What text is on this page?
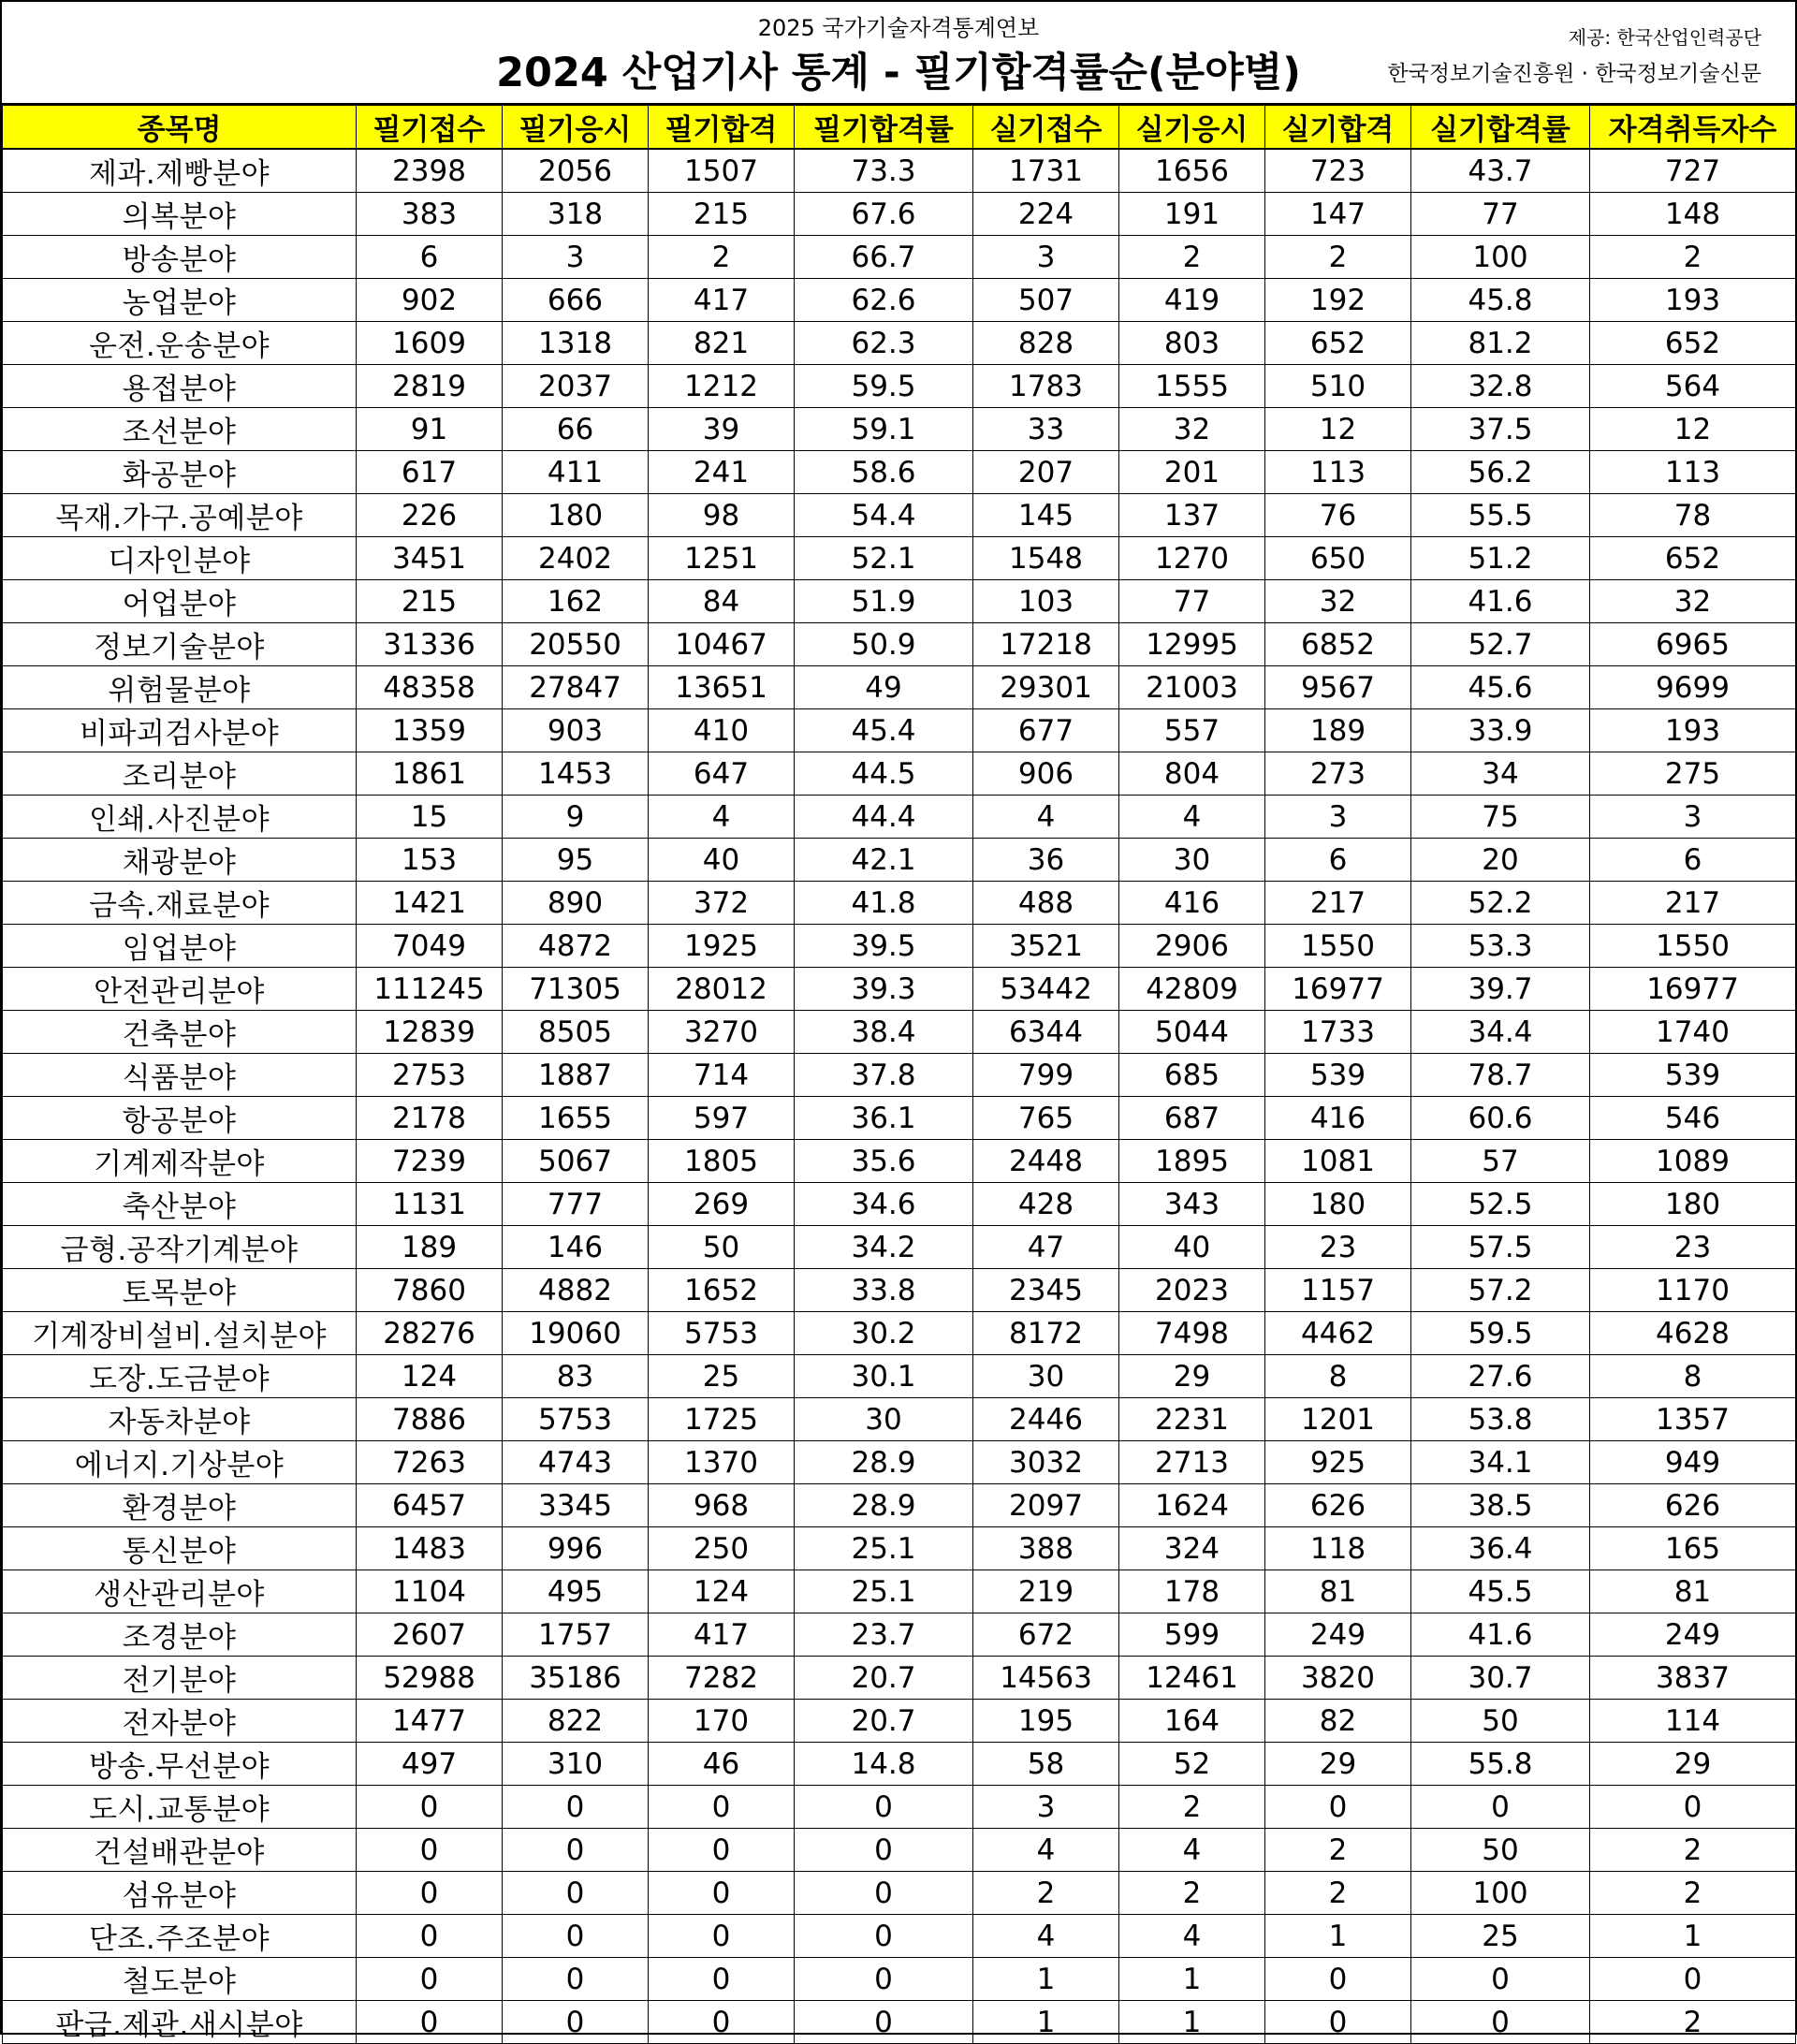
2025 국가기술자격통계연보
2024 산업기사 통계 - 필기합격률순(분야별)
제공: 한국산업인력공단
한국정보기술진흥원 · 한국정보기술신문
종목명	필기접수	필기응시	필기합격	필기합격률	실기접수	실기응시	실기합격	실기합격률	자격취득자수
제과.제빵분야	2398	2056	1507	73.3	1731	1656	723	43.7	727
의복분야	383	318	215	67.6	224	191	147	77	148
방송분야	6	3	2	66.7	3	2	2	100	2
농업분야	902	666	417	62.6	507	419	192	45.8	193
운전.운송분야	1609	1318	821	62.3	828	803	652	81.2	652
용접분야	2819	2037	1212	59.5	1783	1555	510	32.8	564
조선분야	91	66	39	59.1	33	32	12	37.5	12
화공분야	617	411	241	58.6	207	201	113	56.2	113
목재.가구.공예분야	226	180	98	54.4	145	137	76	55.5	78
디자인분야	3451	2402	1251	52.1	1548	1270	650	51.2	652
어업분야	215	162	84	51.9	103	77	32	41.6	32
정보기술분야	31336	20550	10467	50.9	17218	12995	6852	52.7	6965
위험물분야	48358	27847	13651	49	29301	21003	9567	45.6	9699
비파괴검사분야	1359	903	410	45.4	677	557	189	33.9	193
조리분야	1861	1453	647	44.5	906	804	273	34	275
인쇄.사진분야	15	9	4	44.4	4	4	3	75	3
채광분야	153	95	40	42.1	36	30	6	20	6
금속.재료분야	1421	890	372	41.8	488	416	217	52.2	217
임업분야	7049	4872	1925	39.5	3521	2906	1550	53.3	1550
안전관리분야	111245	71305	28012	39.3	53442	42809	16977	39.7	16977
건축분야	12839	8505	3270	38.4	6344	5044	1733	34.4	1740
식품분야	2753	1887	714	37.8	799	685	539	78.7	539
항공분야	2178	1655	597	36.1	765	687	416	60.6	546
기계제작분야	7239	5067	1805	35.6	2448	1895	1081	57	1089
축산분야	1131	777	269	34.6	428	343	180	52.5	180
금형.공작기계분야	189	146	50	34.2	47	40	23	57.5	23
토목분야	7860	4882	1652	33.8	2345	2023	1157	57.2	1170
기계장비설비.설치분야	28276	19060	5753	30.2	8172	7498	4462	59.5	4628
도장.도금분야	124	83	25	30.1	30	29	8	27.6	8
자동차분야	7886	5753	1725	30	2446	2231	1201	53.8	1357
에너지.기상분야	7263	4743	1370	28.9	3032	2713	925	34.1	949
환경분야	6457	3345	968	28.9	2097	1624	626	38.5	626
통신분야	1483	996	250	25.1	388	324	118	36.4	165
생산관리분야	1104	495	124	25.1	219	178	81	45.5	81
조경분야	2607	1757	417	23.7	672	599	249	41.6	249
전기분야	52988	35186	7282	20.7	14563	12461	3820	30.7	3837
전자분야	1477	822	170	20.7	195	164	82	50	114
방송.무선분야	497	310	46	14.8	58	52	29	55.8	29
도시.교통분야	0	0	0	0	3	2	0	0	0
건설배관분야	0	0	0	0	4	4	2	50	2
섬유분야	0	0	0	0	2	2	2	100	2
단조.주조분야	0	0	0	0	4	4	1	25	1
철도분야	0	0	0	0	1	1	0	0	0
판금.제관.새시분야	0	0	0	0	1	1	0	0	2
